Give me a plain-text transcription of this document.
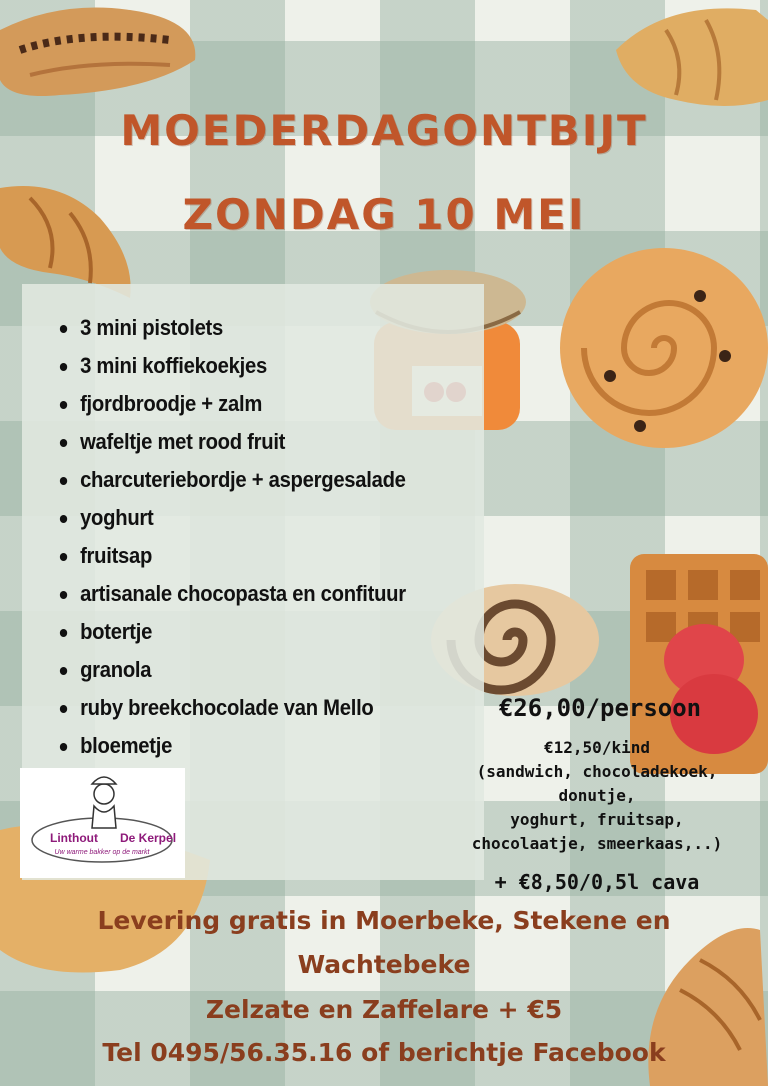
MOEDERDAGONTBIJT
ZONDAG 10 MEI
3 mini pistolets
3 mini koffiekoekjes
fjordbroodje + zalm
wafeltje met rood fruit
charcuteriebordje + aspergesalade
yoghurt
fruitsap
artisanale chocopasta en confituur
botertje
granola
ruby breekchocolade van Mello
bloemetje
Linthout De Kerpel
Uw warme bakker op de markt
€26,00/persoon
€12,50/kind
(sandwich, chocoladekoek,
donutje,
yoghurt, fruitsap,
chocolaatje, smeerkaas,..)
+ €8,50/0,5l cava
Levering gratis in Moerbeke, Stekene en
Wachtebeke
Zelzate en Zaffelare + €5
Tel 0495/56.35.16 of berichtje Facebook
